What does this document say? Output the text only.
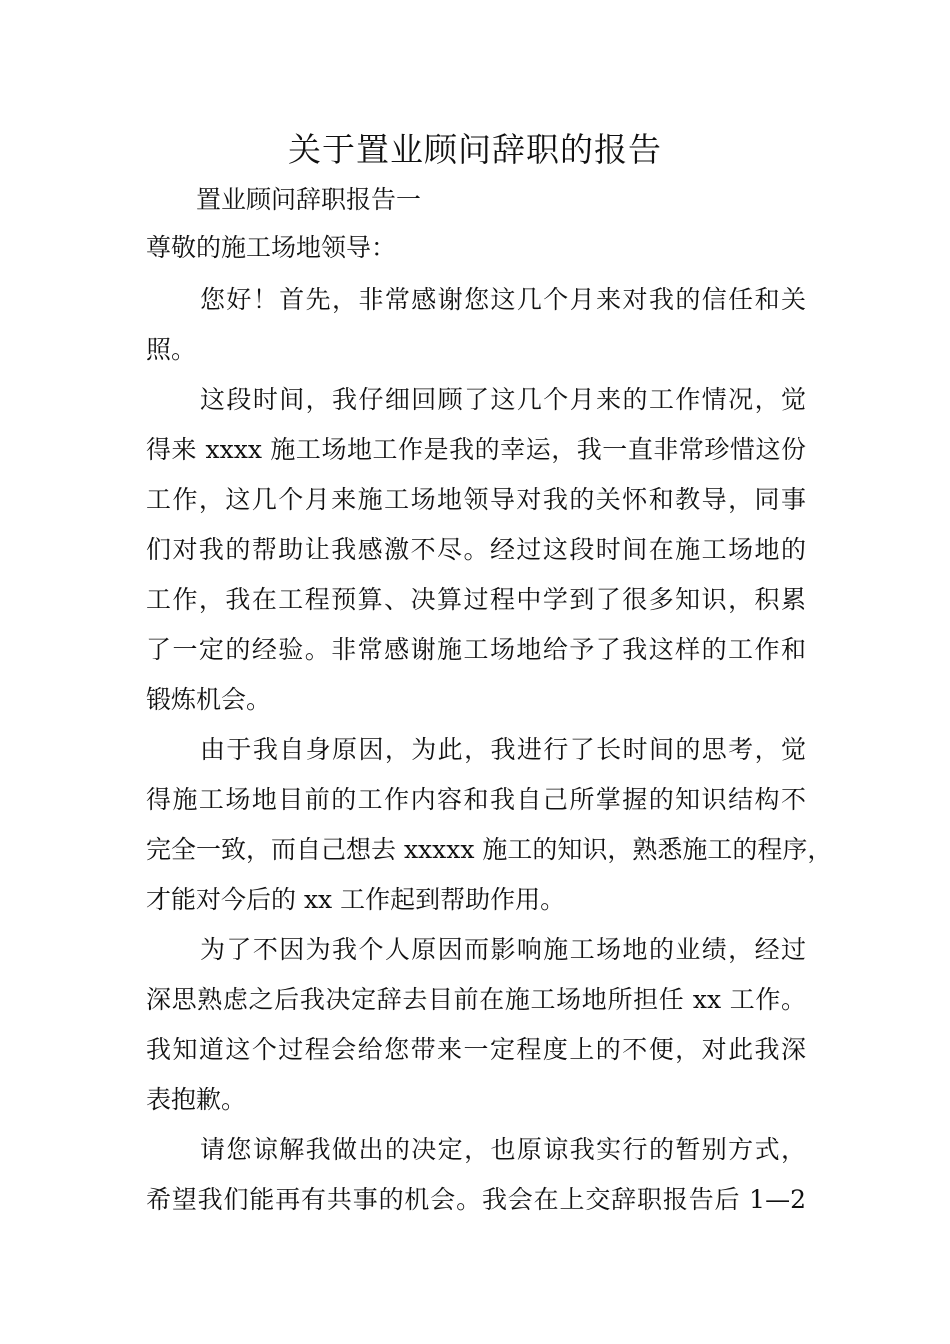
关于置业顾问辞职的报告
置业顾问辞职报告一
尊敬的施工场地领导：
您好！首先，非常感谢您这几个月来对我的信任和关
照。
这段时间，我仔细回顾了这几个月来的工作情况，觉
得来 xxxx 施工场地工作是我的幸运，我一直非常珍惜这份
工作，这几个月来施工场地领导对我的关怀和教导，同事
们对我的帮助让我感激不尽。经过这段时间在施工场地的
工作，我在工程预算、决算过程中学到了很多知识，积累
了一定的经验。非常感谢施工场地给予了我这样的工作和
锻炼机会。
由于我自身原因，为此，我进行了长时间的思考，觉
得施工场地目前的工作内容和我自己所掌握的知识结构不
完全一致，而自己想去 xxxxx 施工的知识，熟悉施工的程序，
才能对今后的 xx 工作起到帮助作用。
为了不因为我个人原因而影响施工场地的业绩，经过
深思熟虑之后我决定辞去目前在施工场地所担任 xx 工作。
我知道这个过程会给您带来一定程度上的不便，对此我深
表抱歉。
请您谅解我做出的决定，也原谅我实行的暂别方式，
希望我们能再有共事的机会。我会在上交辞职报告后 1—2
